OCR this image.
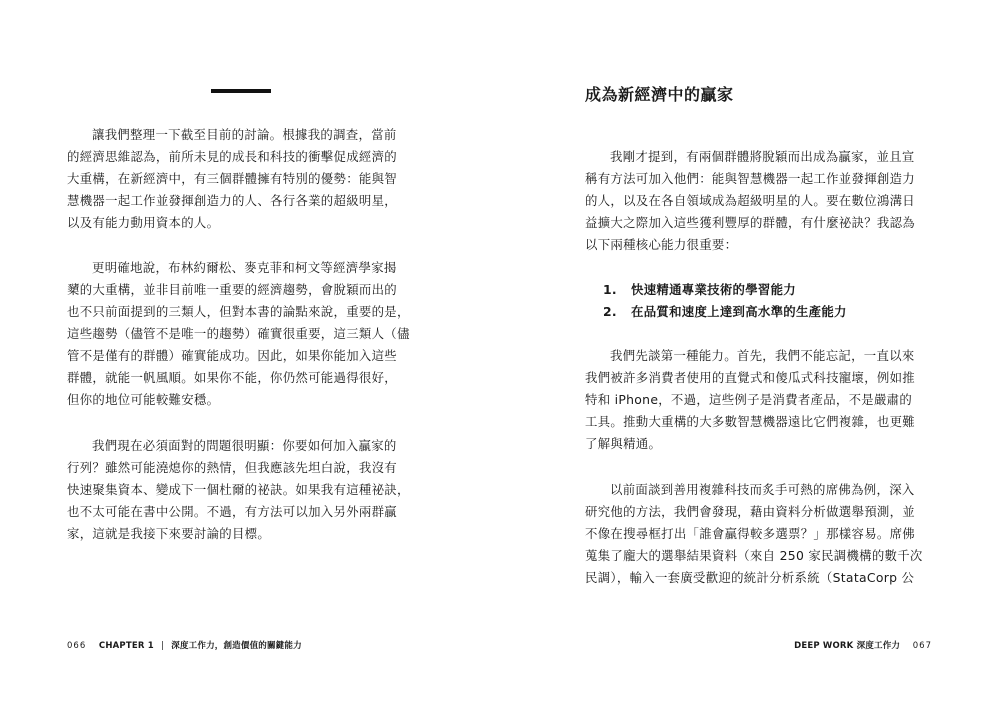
讓我們整理一下截至目前的討論。根據我的調查，當前
的經濟思維認為，前所未見的成長和科技的衝擊促成經濟的
大重構，在新經濟中，有三個群體擁有特別的優勢：能與智
慧機器一起工作並發揮創造力的人、各行各業的超級明星，
以及有能力動用資本的人。

更明確地說，布林約爾松、麥克菲和柯文等經濟學家揭
櫫的大重構，並非目前唯一重要的經濟趨勢，會脫穎而出的
也不只前面提到的三類人，但對本書的論點來說，重要的是，
這些趨勢（儘管不是唯一的趨勢）確實很重要，這三類人（儘
管不是僅有的群體）確實能成功。因此，如果你能加入這些
群體，就能一帆風順。如果你不能，你仍然可能過得很好，
但你的地位可能較難安穩。

我們現在必須面對的問題很明顯：你要如何加入贏家的
行列？雖然可能澆熄你的熱情，但我應該先坦白說，我沒有
快速聚集資本、變成下一個杜爾的祕訣。如果我有這種祕訣，
也不太可能在書中公開。不過，有方法可以加入另外兩群贏
家，這就是我接下來要討論的目標。

066 CHAPTER 1 | 深度工作力，創造價值的關鍵能力
成為新經濟中的贏家

我剛才提到，有兩個群體將脫穎而出成為贏家，並且宣
稱有方法可加入他們：能與智慧機器一起工作並發揮創造力
的人，以及在各自領域成為超級明星的人。要在數位鴻溝日
益擴大之際加入這些獲利豐厚的群體，有什麼祕訣？我認為
以下兩種核心能力很重要：

1. 快速精通專業技術的學習能力
2. 在品質和速度上達到高水準的生產能力

我們先談第一種能力。首先，我們不能忘記，一直以來
我們被許多消費者使用的直覺式和傻瓜式科技寵壞，例如推
特和 iPhone，不過，這些例子是消費者產品，不是嚴肅的
工具。推動大重構的大多數智慧機器遠比它們複雜，也更難
了解與精通。

以前面談到善用複雜科技而炙手可熱的席佛為例，深入
研究他的方法，我們會發現，藉由資料分析做選舉預測，並
不像在搜尋框打出「誰會贏得較多選票？」那樣容易。席佛
蒐集了龐大的選舉結果資料（來自 250 家民調機構的數千次
民調），輸入一套廣受歡迎的統計分析系統（StataCorp 公

DEEP WORK 深度工作力 067
